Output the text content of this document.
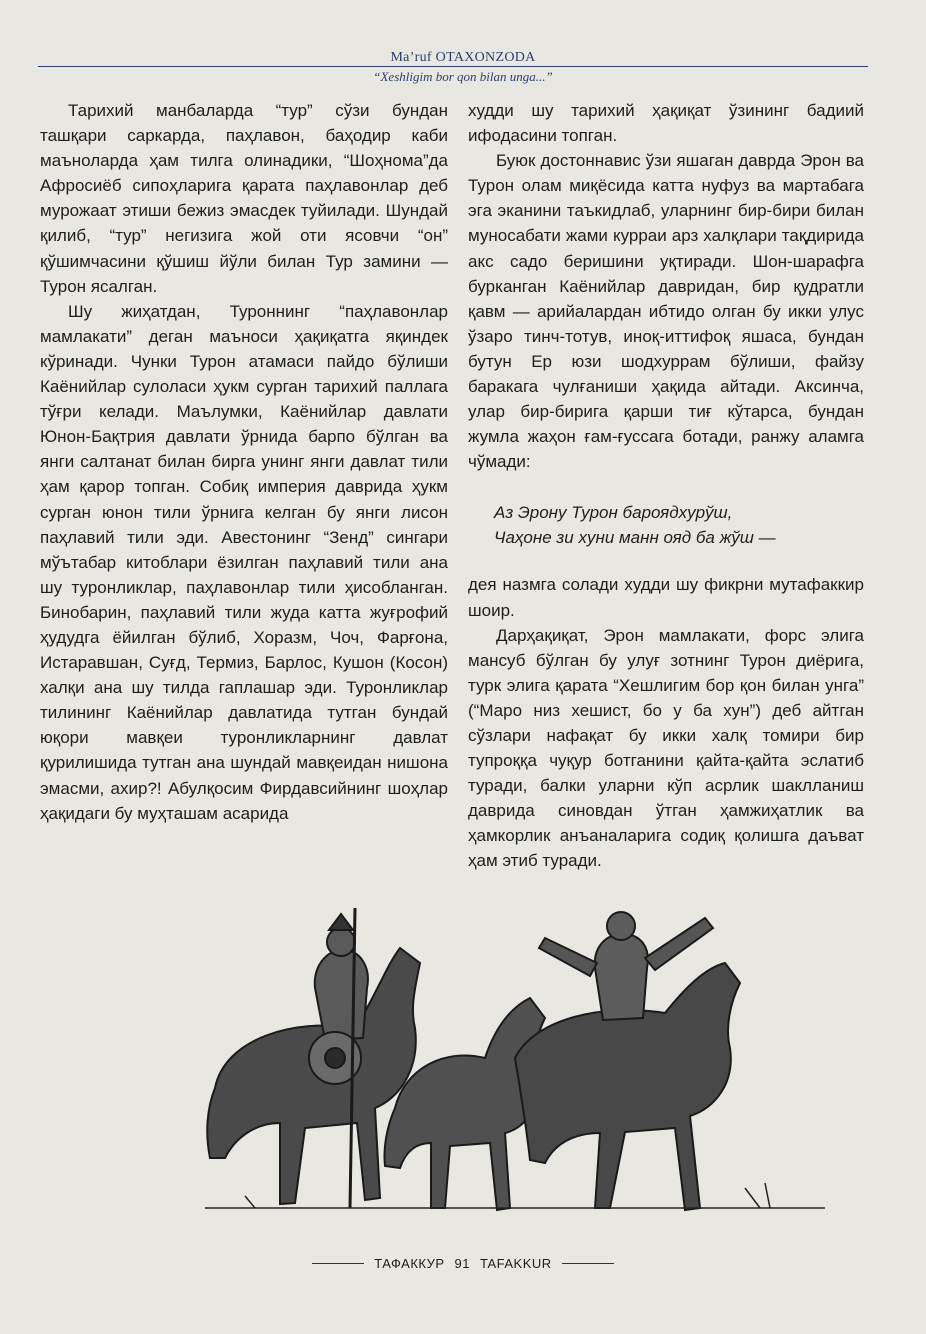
Ma’ruf OTAXONZODA
“Xeshligim bor qon bilan unga...”

Тарихий манбаларда “тур” сўзи бундан ташқари саркарда, паҳлавон, баҳодир каби маъноларда ҳам тилга олинадики, “Шоҳнома”да Афросиёб сипоҳларига қарата паҳлавонлар деб мурожаат этиши бежиз эмасдек туйилади. Шундай қилиб, “тур” негизига жой оти ясовчи “он” қўшимчасини қўшиш йўли билан Тур замини — Турон ясалган.

Шу жиҳатдан, Туроннинг “паҳлавонлар мамлакати” деган маъноси ҳақиқатга яқиндек кўринади. Чунки Турон атамаси пайдо бўлиши Каёнийлар сулоласи ҳукм сурган тарихий паллага тўғри келади. Маълумки, Каёнийлар давлати Юнон-Бақтрия давлати ўрнида барпо бўлган ва янги салтанат билан бирга унинг янги давлат тили ҳам қарор топган. Собиқ империя даврида ҳукм сурган юнон тили ўрнига келган бу янги лисон паҳлавий тили эди. Авестонинг “Зенд” сингари мўътабар китоблари ёзилган паҳлавий тили ана шу туронликлар, паҳлавонлар тили ҳисобланган. Бинобарин, паҳлавий тили жуда катта жуғрофий ҳудудга ёйилган бўлиб, Хоразм, Чоч, Фарғона, Истаравшан, Суғд, Термиз, Барлос, Кушон (Косон) халқи ана шу тилда гаплашар эди. Туронликлар тилининг Каёнийлар давлатида тутган бундай юқори мавқеи туронликларнинг давлат қурилишида тутган ана шундай мавқеидан нишона эмасми, ахир?! Абулқосим Фирдавсийнинг шоҳлар ҳақидаги бу муҳташам асарида

худди шу тарихий ҳақиқат ўзининг бадиий ифодасини топган.

Буюк достоннавис ўзи яшаган даврда Эрон ва Турон олам миқёсида катта нуфуз ва мартабага эга эканини таъкидлаб, уларнинг бир-бири билан муносабати жами курраи арз халқлари тақдирида акс садо беришини уқтиради. Шон-шарафга бурканган Каёнийлар давридан, бир қудратли қавм — арийалардан ибтидо олган бу икки улус ўзаро тинч-тотув, иноқ-иттифоқ яшаса, бундан бутун Ер юзи шодхуррам бўлиши, файзу баракага чулғаниши ҳақида айтади. Аксинча, улар бир-бирига қарши тиғ кўтарса, бундан жумла жаҳон ғам-ғуссага ботади, ранжу аламга чўмади:

Аз Эрону Турон бароядхурўш,
Чаҳоне зи хуни манн ояд ба жўш —

дея назмга солади худди шу фикрни мутафаккир шоир.

Дарҳақиқат, Эрон мамлакати, форс элига мансуб бўлган бу улуғ зотнинг Турон диёрига, турк элига қарата “Хешлигим бор қон билан унга” (“Маро низ хешист, бо у ба хун”) деб айтган сўзлари нафақат бу икки халқ томири бир тупроққа чуқур ботганини қайта-қайта эслатиб туради, балки уларни кўп асрлик шаклланиш даврида синовдан ўтган ҳамжиҳатлик ва ҳамкорлик анъаналарига содиқ қолишга даъват ҳам этиб туради.

ТАФАККУР 91 TAFAKKUR
